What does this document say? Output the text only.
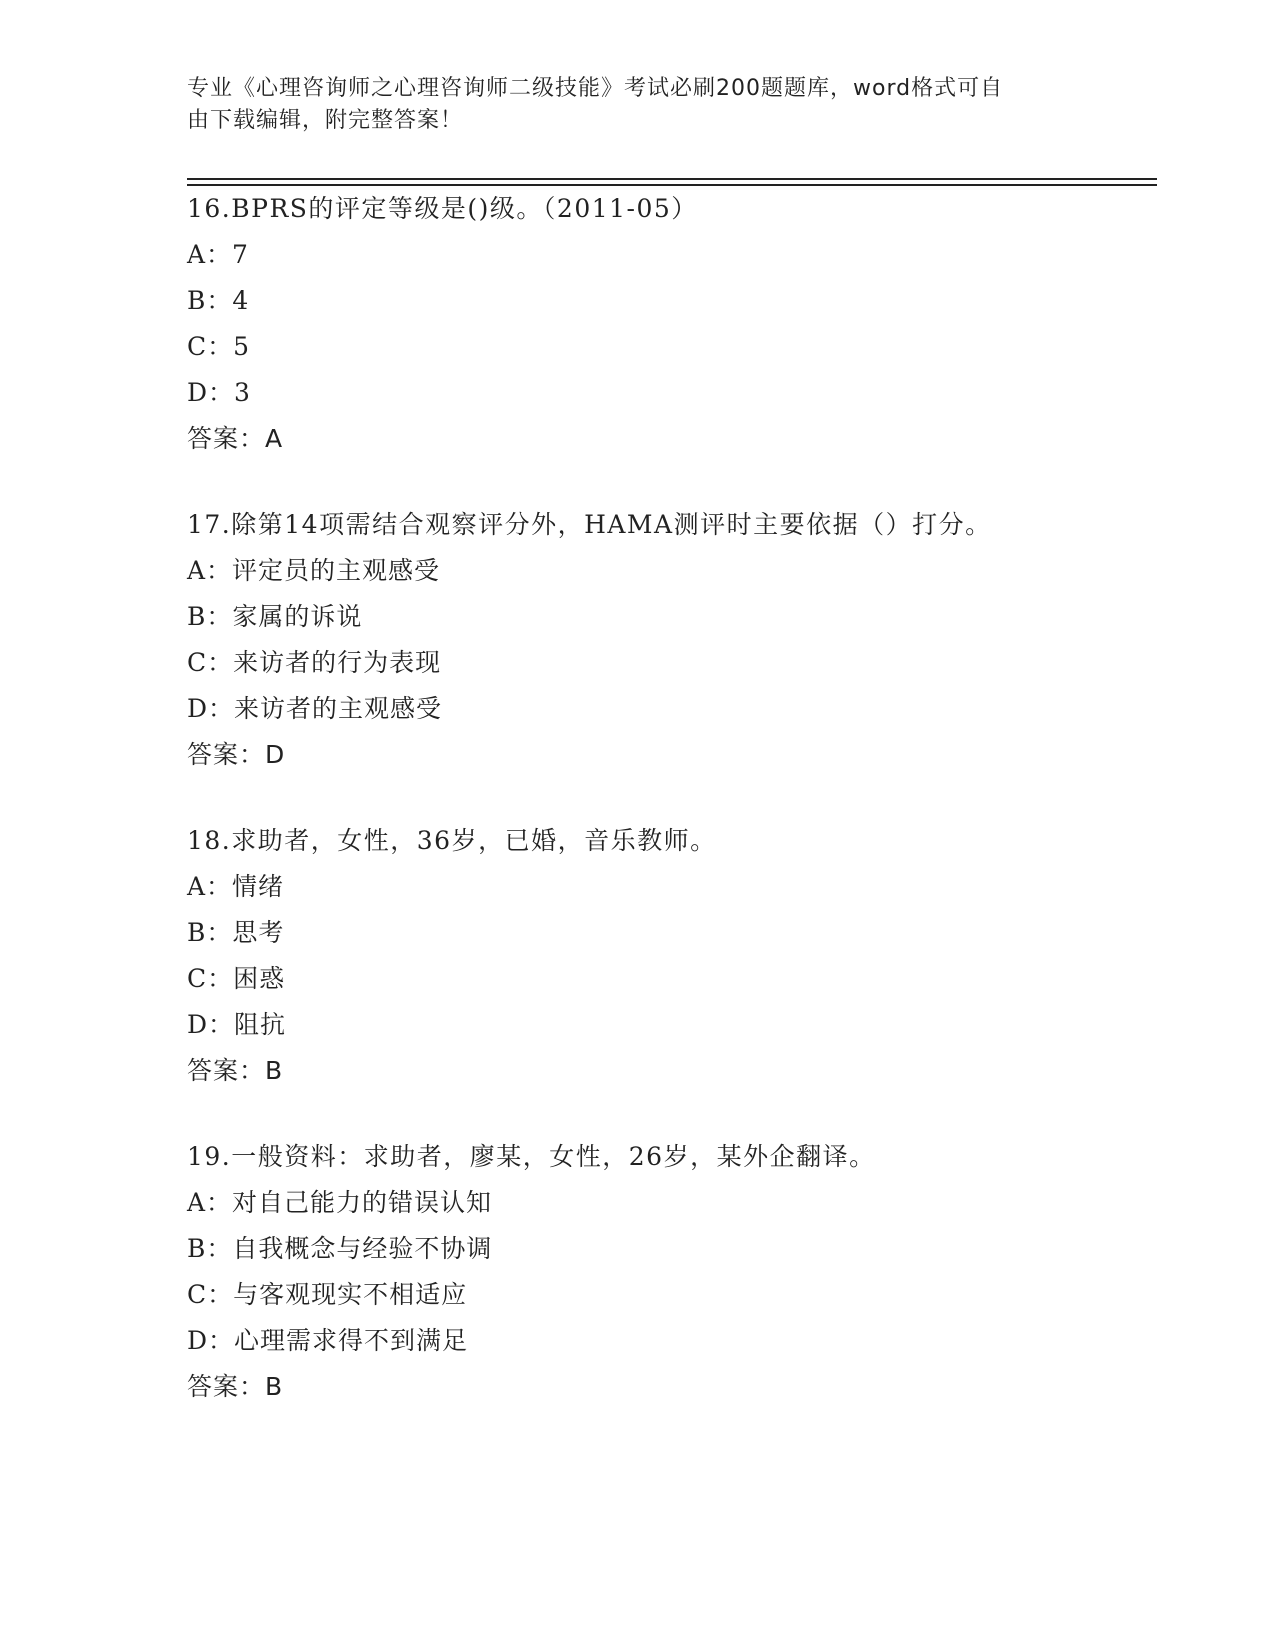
专业《心理咨询师之心理咨询师二级技能》考试必刷200题题库，word格式可自
由下载编辑，附完整答案！
16.BPRS的评定等级是()级。（2011-05）
A：7
B：4
C：5
D：3
答案：A
17.除第14项需结合观察评分外，HAMA测评时主要依据（）打分。
A：评定员的主观感受
B：家属的诉说
C：来访者的行为表现
D：来访者的主观感受
答案：D
18.求助者，女性，36岁，已婚，音乐教师。
A：情绪
B：思考
C：困惑
D：阻抗
答案：B
19.一般资料：求助者，廖某，女性，26岁，某外企翻译。
A：对自己能力的错误认知
B：自我概念与经验不协调
C：与客观现实不相适应
D：心理需求得不到满足
答案：B
